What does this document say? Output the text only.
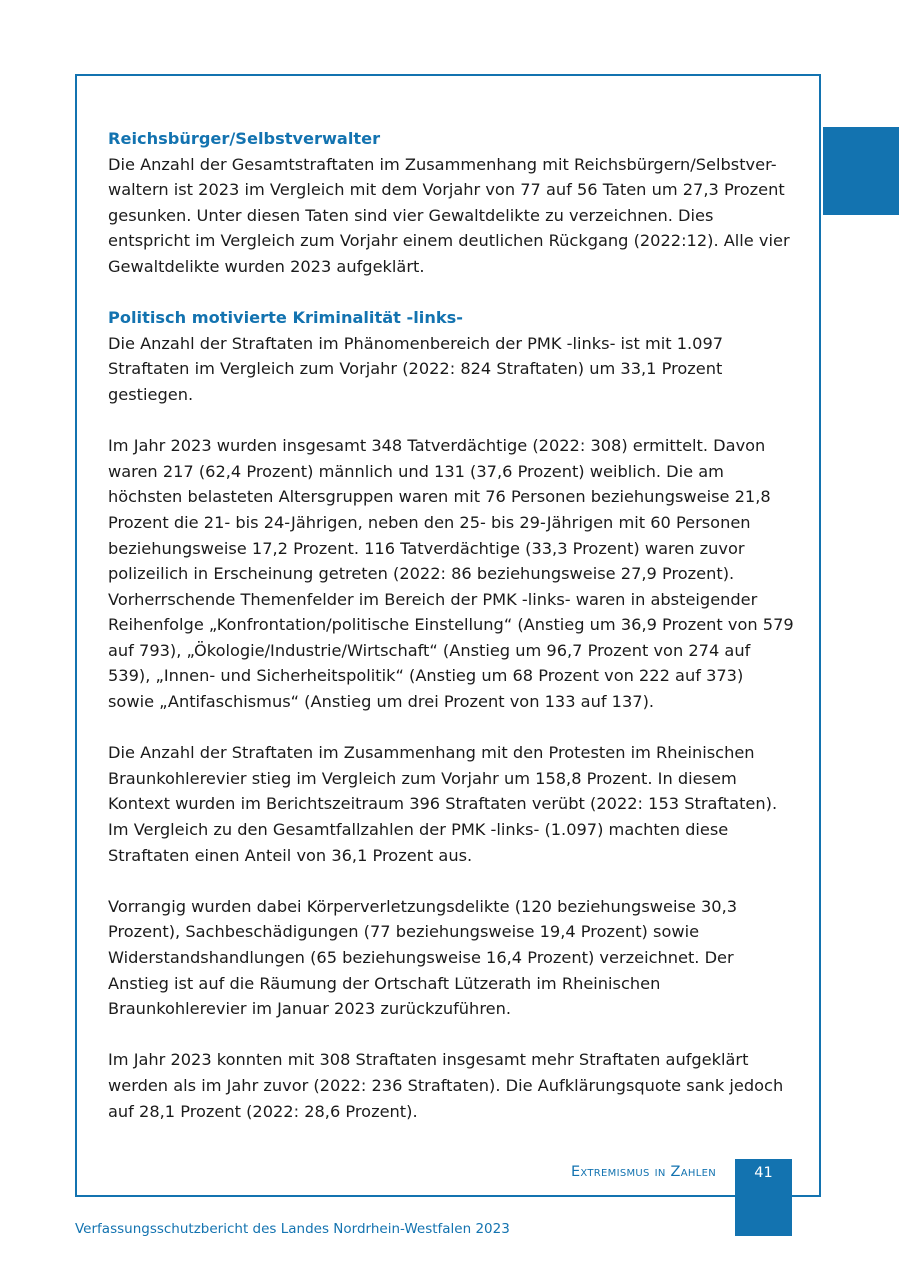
Reichsbürger/Selbstverwalter

Die Anzahl der Gesamtstraftaten im Zusammenhang mit Reichsbürgern/Selbstver-waltern ist 2023 im Vergleich mit dem Vorjahr von 77 auf 56 Taten um 27,3 Prozent gesunken. Unter diesen Taten sind vier Gewaltdelikte zu verzeichnen. Dies entspricht im Vergleich zum Vorjahr einem deutlichen Rückgang (2022:12). Alle vier Gewaltdelikte wurden 2023 aufgeklärt.

Politisch motivierte Kriminalität -links-

Die Anzahl der Straftaten im Phänomenbereich der PMK -links- ist mit 1.097 Straftaten im Vergleich zum Vorjahr (2022: 824 Straftaten) um 33,1 Prozent gestiegen.

Im Jahr 2023 wurden insgesamt 348 Tatverdächtige (2022: 308) ermittelt. Davon waren 217 (62,4 Prozent) männlich und 131 (37,6 Prozent) weiblich. Die am höchsten belasteten Altersgruppen waren mit 76 Personen beziehungsweise 21,8 Prozent die 21- bis 24-Jährigen, neben den 25- bis 29-Jährigen mit 60 Personen beziehungsweise 17,2 Prozent. 116 Tatverdächtige (33,3 Prozent) waren zuvor polizeilich in Erscheinung getreten (2022: 86 beziehungsweise 27,9 Prozent). Vorherrschende Themenfelder im Bereich der PMK -links- waren in absteigender Reihenfolge „Konfrontation/politische Einstellung“ (Anstieg um 36,9 Prozent von 579 auf 793), „Ökologie/Industrie/Wirtschaft“ (Anstieg um 96,7 Prozent von 274 auf 539), „Innen- und Sicherheitspolitik“ (Anstieg um 68 Prozent von 222 auf 373) sowie „Antifaschismus“ (Anstieg um drei Prozent von 133 auf 137).

Die Anzahl der Straftaten im Zusammenhang mit den Protesten im Rheinischen Braunkohlerevier stieg im Vergleich zum Vorjahr um 158,8 Prozent. In diesem Kontext wurden im Berichtszeitraum 396 Straftaten verübt (2022: 153 Straftaten). Im Vergleich zu den Gesamtfallzahlen der PMK -links- (1.097) machten diese Straftaten einen Anteil von 36,1 Prozent aus.

Vorrangig wurden dabei Körperverletzungsdelikte (120 beziehungsweise 30,3 Prozent), Sachbeschädigungen (77 beziehungsweise 19,4 Prozent) sowie Widerstandshandlungen (65 beziehungsweise 16,4 Prozent) verzeichnet. Der Anstieg ist auf die Räumung der Ortschaft Lützerath im Rheinischen Braunkohlerevier im Januar 2023 zurückzuführen.

Im Jahr 2023 konnten mit 308 Straftaten insgesamt mehr Straftaten aufgeklärt werden als im Jahr zuvor (2022: 236 Straftaten). Die Aufklärungsquote sank jedoch auf 28,1 Prozent (2022: 28,6 Prozent).

Extremismus in Zahlen	41
Verfassungsschutzbericht des Landes Nordrhein-Westfalen 2023
